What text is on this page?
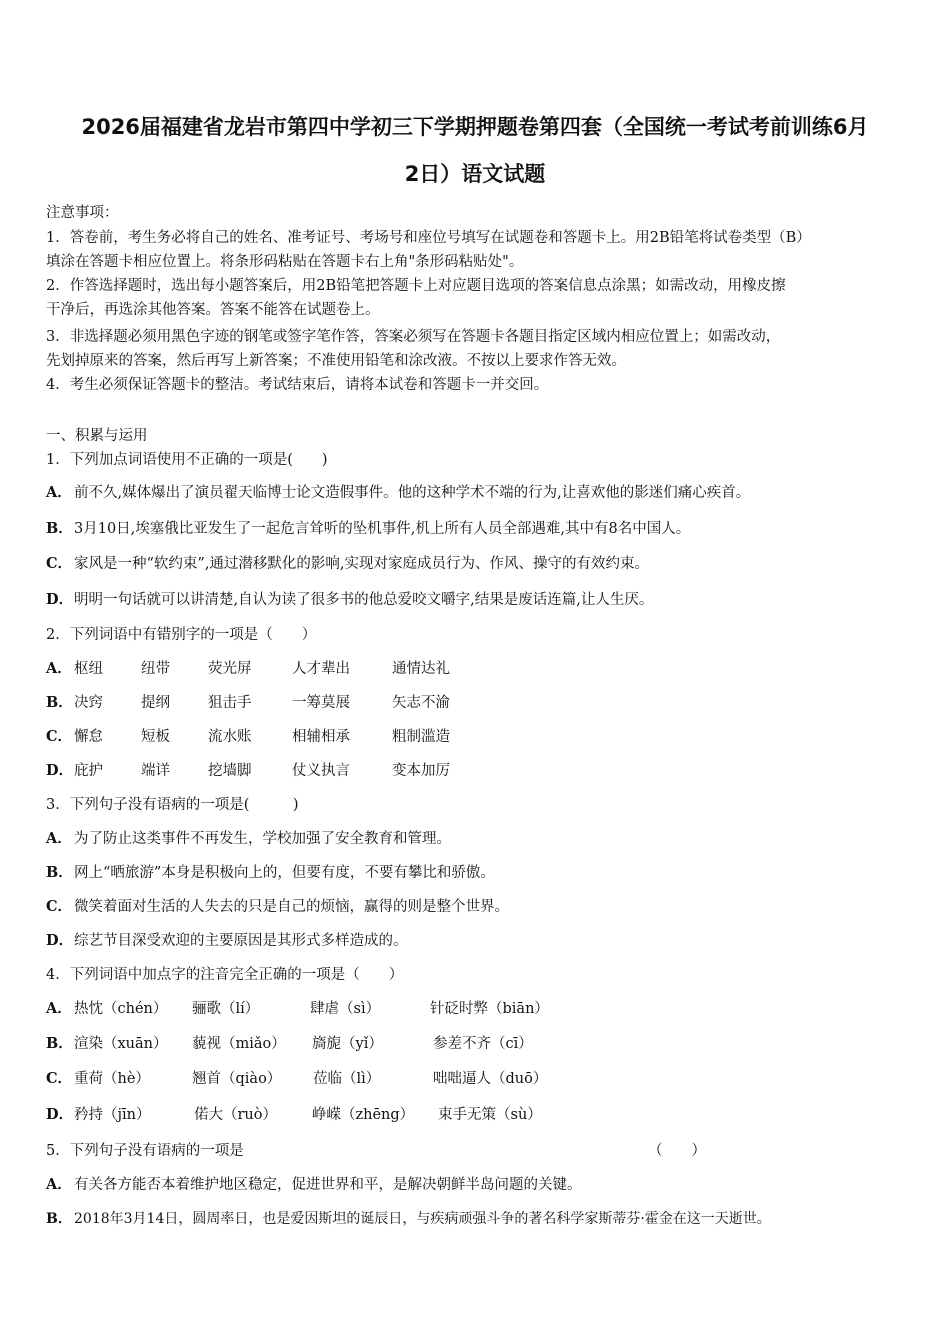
2026届福建省龙岩市第四中学初三下学期押题卷第四套（全国统一考试考前训练6月
2日）语文试题
注意事项：
1．答卷前，考生务必将自己的姓名、准考证号、考场号和座位号填写在试题卷和答题卡上。用2B铅笔将试卷类型（B）
填涂在答题卡相应位置上。将条形码粘贴在答题卡右上角"条形码粘贴处"。
2．作答选择题时，选出每小题答案后，用2B铅笔把答题卡上对应题目选项的答案信息点涂黑；如需改动，用橡皮擦
干净后，再选涂其他答案。答案不能答在试题卷上。
3．非选择题必须用黑色字迹的钢笔或签字笔作答，答案必须写在答题卡各题目指定区域内相应位置上；如需改动，
先划掉原来的答案，然后再写上新答案；不准使用铅笔和涂改液。不按以上要求作答无效。
4．考生必须保证答题卡的整洁。考试结束后，请将本试卷和答题卡一并交回。
一、积累与运用
1．下列加点词语使用不正确的一项是(　　)
A． 前不久,媒体爆出了演员翟天临博士论文造假事件。他的这种学术不端的行为,让喜欢他的影迷们痛心疾首。
B．3月10日,埃塞俄比亚发生了一起危言耸听的坠机事件,机上所有人员全部遇难,其中有8名中国人。
C． 家风是一种“软约束”,通过潜移默化的影响,实现对家庭成员行为、作风、操守的有效约束。
D．明明一句话就可以讲清楚,自认为读了很多书的他总爱咬文嚼字,结果是废话连篇,让人生厌。
2．下列词语中有错别字的一项是（　　）
A． 枢纽	纽带	荧光屏	人才辈出	通情达礼
B． 决窍	提纲	狙击手	一筹莫展	矢志不渝
C． 懈怠	短板	流水账	相辅相承	粗制滥造
D． 庇护	端详	挖墙脚	仗义执言	变本加厉
3．下列句子没有语病的一项是(　　　)
A． 为了防止这类事件不再发生，学校加强了安全教育和管理。
B．网上“晒旅游”本身是积极向上的，但要有度，不要有攀比和骄傲。
C． 微笑着面对生活的人失去的只是自己的烦恼，赢得的则是整个世界。
D．综艺节目深受欢迎的主要原因是其形式多样造成的。
4．下列词语中加点字的注音完全正确的一项是（　　）
A． 热忱（chén） 骊歌（lí）	肆虐（sì）	针砭时弊（biān）
B． 渲染（xuān） 藐视（miǎo） 旖旎（yǐ）	参差不齐（cī）
C． 重荷（hè）	翘首（qiào） 莅临（lì）	咄咄逼人（duō）
D． 矜持（jīn）	偌大（ruò） 峥嵘（zhēng） 束手无策（sù）
5．下列句子没有语病的一项是	（　　）
A． 有关各方能否本着维护地区稳定，促进世界和平，是解决朝鲜半岛问题的关键。
B． 2018年3月14日，圆周率日，也是爱因斯坦的诞辰日，与疾病顽强斗争的著名科学家斯蒂芬·霍金在这一天逝世。
